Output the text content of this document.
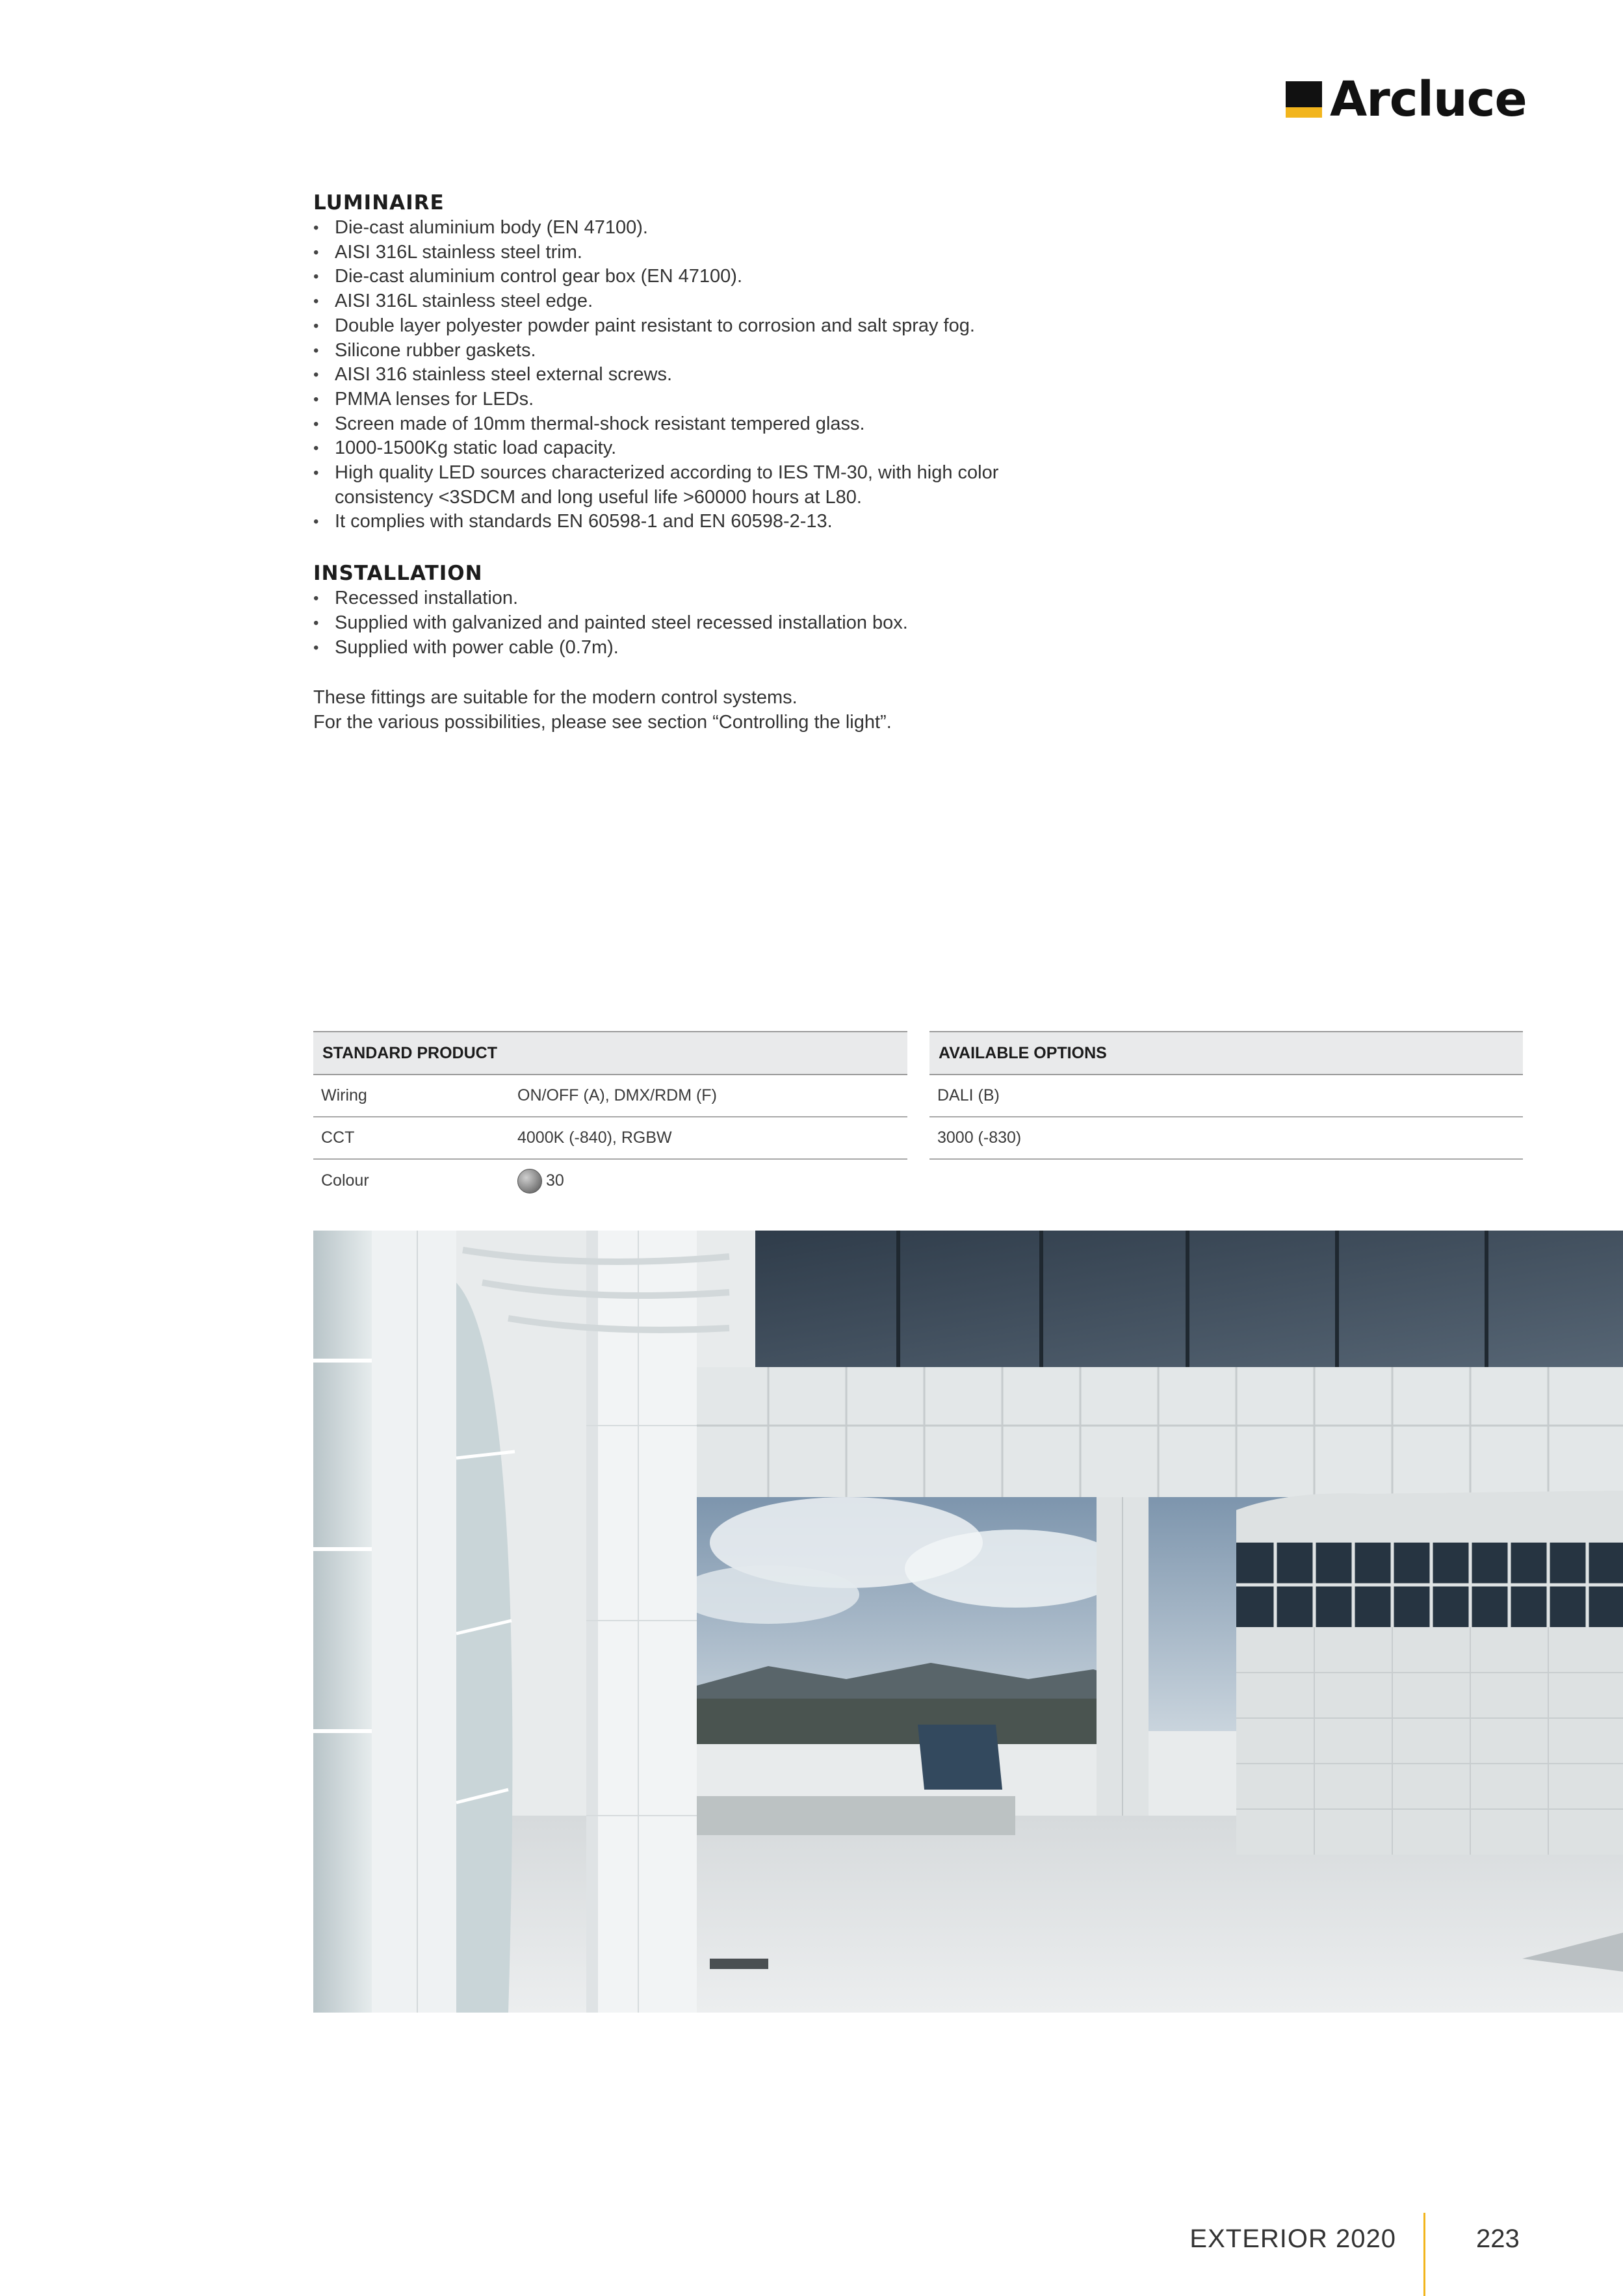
Arcluce
LUMINAIRE
• Die-cast aluminium body (EN 47100).
• AISI 316L stainless steel trim.
• Die-cast aluminium control gear box (EN 47100).
• AISI 316L stainless steel edge.
• Double layer polyester powder paint resistant to corrosion and salt spray fog.
• Silicone rubber gaskets.
• AISI 316 stainless steel external screws.
• PMMA lenses for LEDs.
• Screen made of 10mm thermal-shock resistant tempered glass.
• 1000-1500Kg static load capacity.
• High quality LED sources characterized according to IES TM-30, with high color consistency <3SDCM and long useful life >60000 hours at L80.
• It complies with standards EN 60598-1 and EN 60598-2-13.
INSTALLATION
• Recessed installation.
• Supplied with galvanized and painted steel recessed installation box.
• Supplied with power cable (0.7m).
These fittings are suitable for the modern control systems.
For the various possibilities, please see section “Controlling the light”.
STANDARD PRODUCT
Wiring	ON/OFF (A), DMX/RDM (F)
CCT	4000K (-840), RGBW
Colour	30
AVAILABLE OPTIONS
DALI (B)
3000 (-830)
EXTERIOR 2020	223
